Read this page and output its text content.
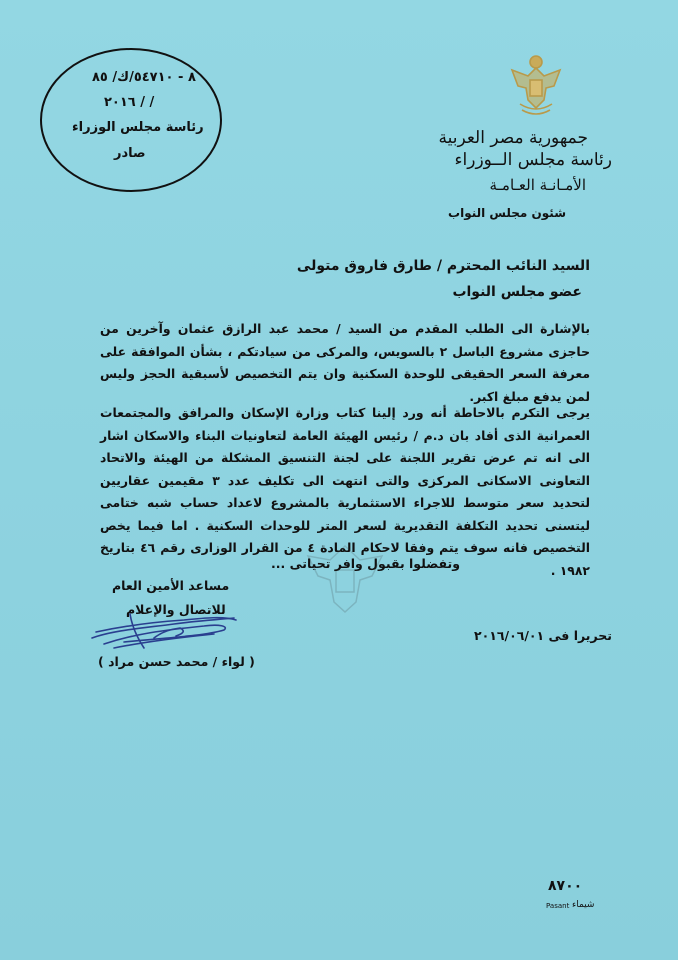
٨ - ٥٤٧١٠/ك/ ٨٥
/ / ٢٠١٦
رئاسة مجلس الوزراء
صادر
جمهورية مصر العربية
رئاسة مجلس الــوزراء
الأمـانـة العـامـة
شئون مجلس النواب
السيد النائب المحترم / طارق فاروق متولى
عضو مجلس النواب
بالإشارة الى الطلب المقدم من السيد / محمد عبد الرازق عثمان وآخرين من حاجزى مشروع الباسل ٢ بالسويس، والمركى من سيادتكم ، بشأن الموافقة على معرفة السعر الحقيقى للوحدة السكنية وان يتم التخصيص لأسبقية الحجز وليس لمن يدفع مبلغ اكبر.
يرجى التكرم بالاحاطة أنه ورد إلينا كتاب وزارة الإسكان والمرافق والمجتمعات العمرانية الذى أفاد بان د.م / رئيس الهيئة العامة لتعاونيات البناء والاسكان اشار الى انه تم عرض تقرير اللجنة على لجنة التنسيق المشكلة من الهيئة والاتحاد التعاونى الاسكانى المركزى والتى انتهت الى تكليف عدد ٣ مقيمين عقاريين لتحديد سعر متوسط للاجراء الاستثمارية بالمشروع لاعداد حساب شبه ختامى ليتسنى تحديد التكلفة التقديرية لسعر المتر للوحدات السكنية . اما فيما يخص التخصيص فانه سوف يتم وفقا لاحكام المادة ٤ من القرار الوزارى رقم ٤٦ بتاريخ ١٩٨٢ .
وتفضلوا بقبول وافر تحياتى ...
مساعد الأمين العام
للاتصال والإعلام
( لواء / محمد حسن مراد )
تحريرا فى ٢٠١٦/٠٦/٠١
٨٧٠٠
Pasant شيماء
